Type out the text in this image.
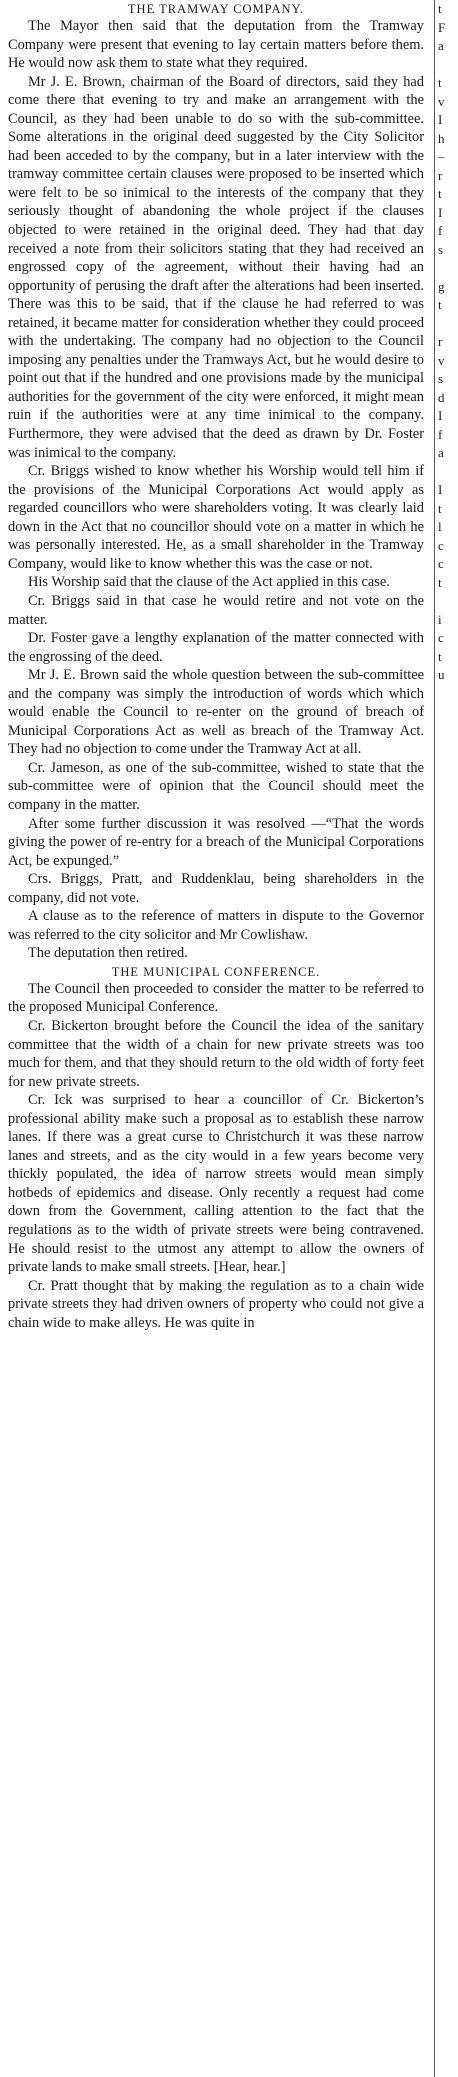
THE TRAMWAY COMPANY.

The Mayor then said that the deputation from the Tramway Company were present that evening to lay certain matters before them. He would now ask them to state what they required.

Mr J. E. Brown, chairman of the Board of directors, said they had come there that evening to try and make an arrangement with the Council, as they had been unable to do so with the sub-committee. Some alterations in the original deed suggested by the City Solicitor had been acceded to by the company, but in a later interview with the tramway committee certain clauses were proposed to be inserted which were felt to be so inimical to the interests of the company that they seriously thought of abandoning the whole project if the clauses objected to were retained in the original deed. They had that day received a note from their solicitors stating that they had received an engrossed copy of the agreement, without their having had an opportunity of perusing the draft after the alterations had been inserted. There was this to be said, that if the clause he had referred to was retained, it became matter for consideration whether they could proceed with the undertaking. The company had no objection to the Council imposing any penalties under the Tramways Act, but he would desire to point out that if the hundred and one provisions made by the municipal authorities for the government of the city were enforced, it might mean ruin if the authorities were at any time inimical to the company. Furthermore, they were advised that the deed as drawn by Dr. Foster was inimical to the company.

Cr. Briggs wished to know whether his Worship would tell him if the provisions of the Municipal Corporations Act would apply as regarded councillors who were shareholders voting. It was clearly laid down in the Act that no councillor should vote on a matter in which he was personally interested. He, as a small shareholder in the Tramway Company, would like to know whether this was the case or not.

His Worship said that the clause of the Act applied in this case.

Cr. Briggs said in that case he would retire and not vote on the matter.

Dr. Foster gave a lengthy explanation of the matter connected with the engrossing of the deed.

Mr J. E. Brown said the whole question between the sub-committee and the company was simply the introduction of words which which would enable the Council to re-enter on the ground of breach of Municipal Corporations Act as well as breach of the Tramway Act. They had no objection to come under the Tramway Act at all.

Cr. Jameson, as one of the sub-committee, wished to state that the sub-committee were of opinion that the Council should meet the company in the matter.

After some further discussion it was resolved —“That the words giving the power of re-entry for a breach of the Municipal Corporations Act, be expunged.”

Crs. Briggs, Pratt, and Ruddenklau, being shareholders in the company, did not vote.

A clause as to the reference of matters in dispute to the Governor was referred to the city solicitor and Mr Cowlishaw.

The deputation then retired.

THE MUNICIPAL CONFERENCE.

The Council then proceeded to consider the matter to be referred to the proposed Municipal Conference.

Cr. Bickerton brought before the Council the idea of the sanitary committee that the width of a chain for new private streets was too much for them, and that they should return to the old width of forty feet for new private streets.

Cr. Ick was surprised to hear a councillor of Cr. Bickerton’s professional ability make such a proposal as to establish these narrow lanes. If there was a great curse to Christchurch it was these narrow lanes and streets, and as the city would in a few years become very thickly populated, the idea of narrow streets would mean simply hotbeds of epidemics and disease. Only recently a request had come down from the Government, calling attention to the fact that the regulations as to the width of private streets were being contravened. He should resist to the utmost any attempt to allow the owners of private lands to make small streets. [Hear, hear.]

Cr. Pratt thought that by making the regulation as to a chain wide private streets they had driven owners of property who could not give a chain wide to make alleys. He was quite in

t
F
a
t
v
I
h
–
r
t
I
f
s
g
t
r
v
s
d
I
f
a
I
t
l
c
c
t
i
c
t
u
